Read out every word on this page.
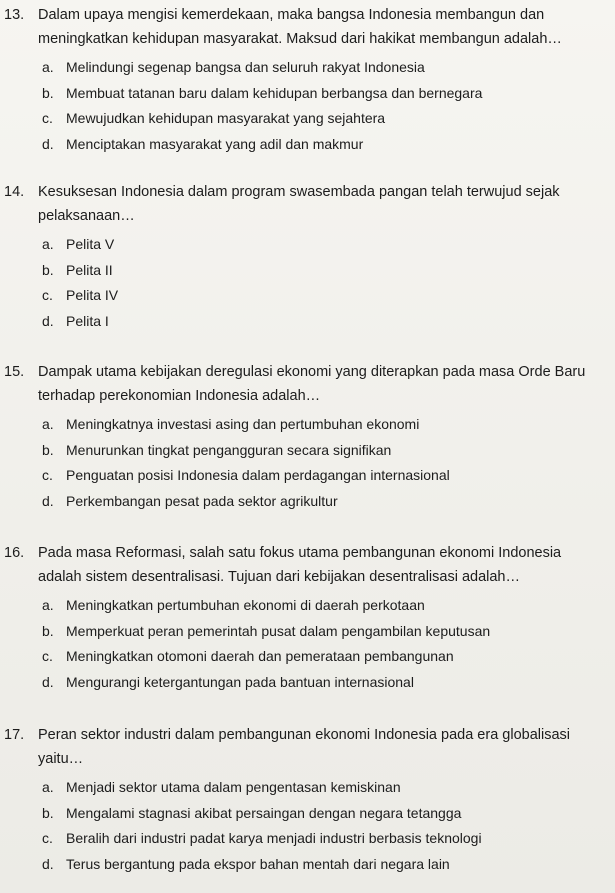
13. Dalam upaya mengisi kemerdekaan, maka bangsa Indonesia membangun dan
meningkatkan kehidupan masyarakat. Maksud dari hakikat membangun adalah…
a. Melindungi segenap bangsa dan seluruh rakyat Indonesia
b. Membuat tatanan baru dalam kehidupan berbangsa dan bernegara
c. Mewujudkan kehidupan masyarakat yang sejahtera
d. Menciptakan masyarakat yang adil dan makmur
14. Kesuksesan Indonesia dalam program swasembada pangan telah terwujud sejak
pelaksanaan…
a. Pelita V
b. Pelita II
c. Pelita IV
d. Pelita I
15. Dampak utama kebijakan deregulasi ekonomi yang diterapkan pada masa Orde Baru
terhadap perekonomian Indonesia adalah…
a. Meningkatnya investasi asing dan pertumbuhan ekonomi
b. Menurunkan tingkat pengangguran secara signifikan
c. Penguatan posisi Indonesia dalam perdagangan internasional
d. Perkembangan pesat pada sektor agrikultur
16. Pada masa Reformasi, salah satu fokus utama pembangunan ekonomi Indonesia
adalah sistem desentralisasi. Tujuan dari kebijakan desentralisasi adalah…
a. Meningkatkan pertumbuhan ekonomi di daerah perkotaan
b. Memperkuat peran pemerintah pusat dalam pengambilan keputusan
c. Meningkatkan otomoni daerah dan pemerataan pembangunan
d. Mengurangi ketergantungan pada bantuan internasional
17. Peran sektor industri dalam pembangunan ekonomi Indonesia pada era globalisasi
yaitu…
a. Menjadi sektor utama dalam pengentasan kemiskinan
b. Mengalami stagnasi akibat persaingan dengan negara tetangga
c. Beralih dari industri padat karya menjadi industri berbasis teknologi
d. Terus bergantung pada ekspor bahan mentah dari negara lain
